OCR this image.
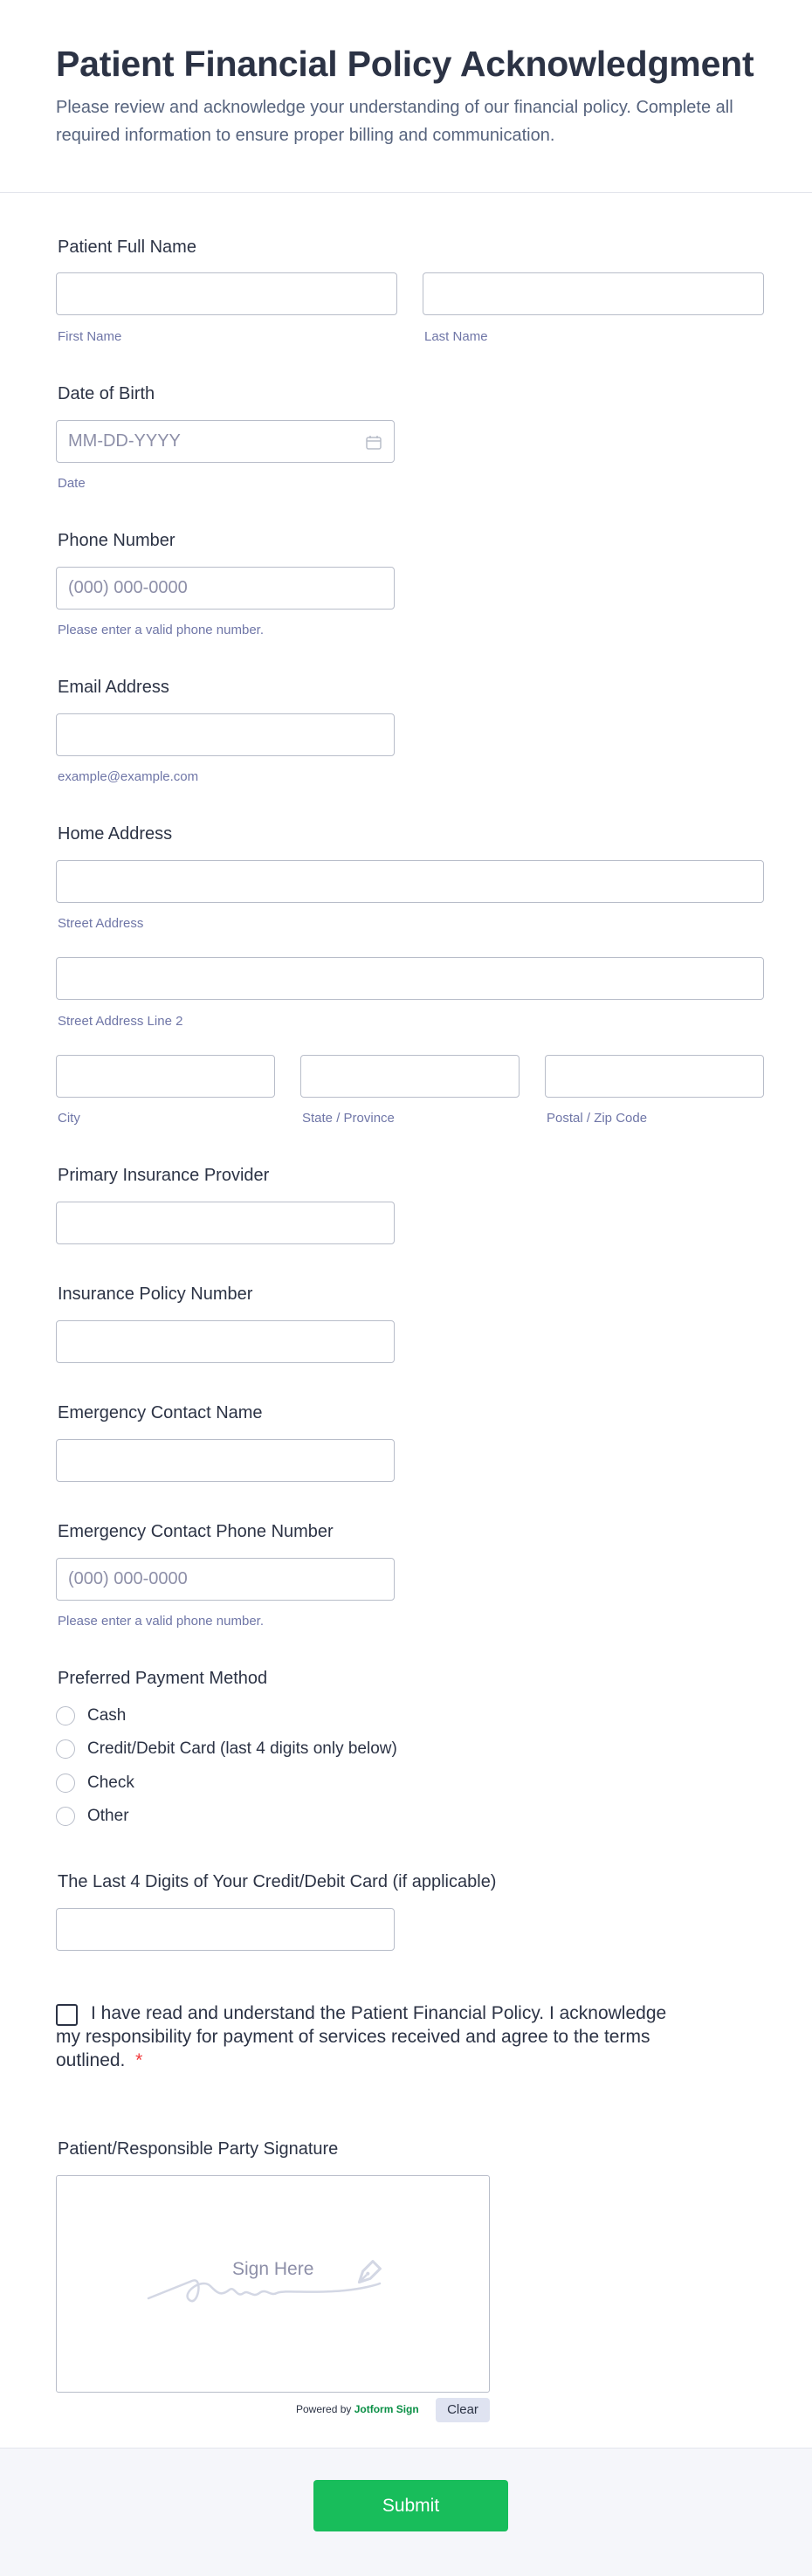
Patient Financial Policy Acknowledgment
Please review and acknowledge your understanding of our financial policy. Complete all required information to ensure proper billing and communication.
Patient Full Name
First Name	Last Name
Date of Birth
MM-DD-YYYY
Date
Phone Number
(000) 000-0000
Please enter a valid phone number.
Email Address
example@example.com
Home Address
Street Address
Street Address Line 2
City	State / Province	Postal / Zip Code
Primary Insurance Provider
Insurance Policy Number
Emergency Contact Name
Emergency Contact Phone Number
(000) 000-0000
Please enter a valid phone number.
Preferred Payment Method
Cash
Credit/Debit Card (last 4 digits only below)
Check
Other
The Last 4 Digits of Your Credit/Debit Card (if applicable)
I have read and understand the Patient Financial Policy. I acknowledge my responsibility for payment of services received and agree to the terms outlined. *
Patient/Responsible Party Signature
Sign Here
Powered by Jotform Sign	Clear
Submit
